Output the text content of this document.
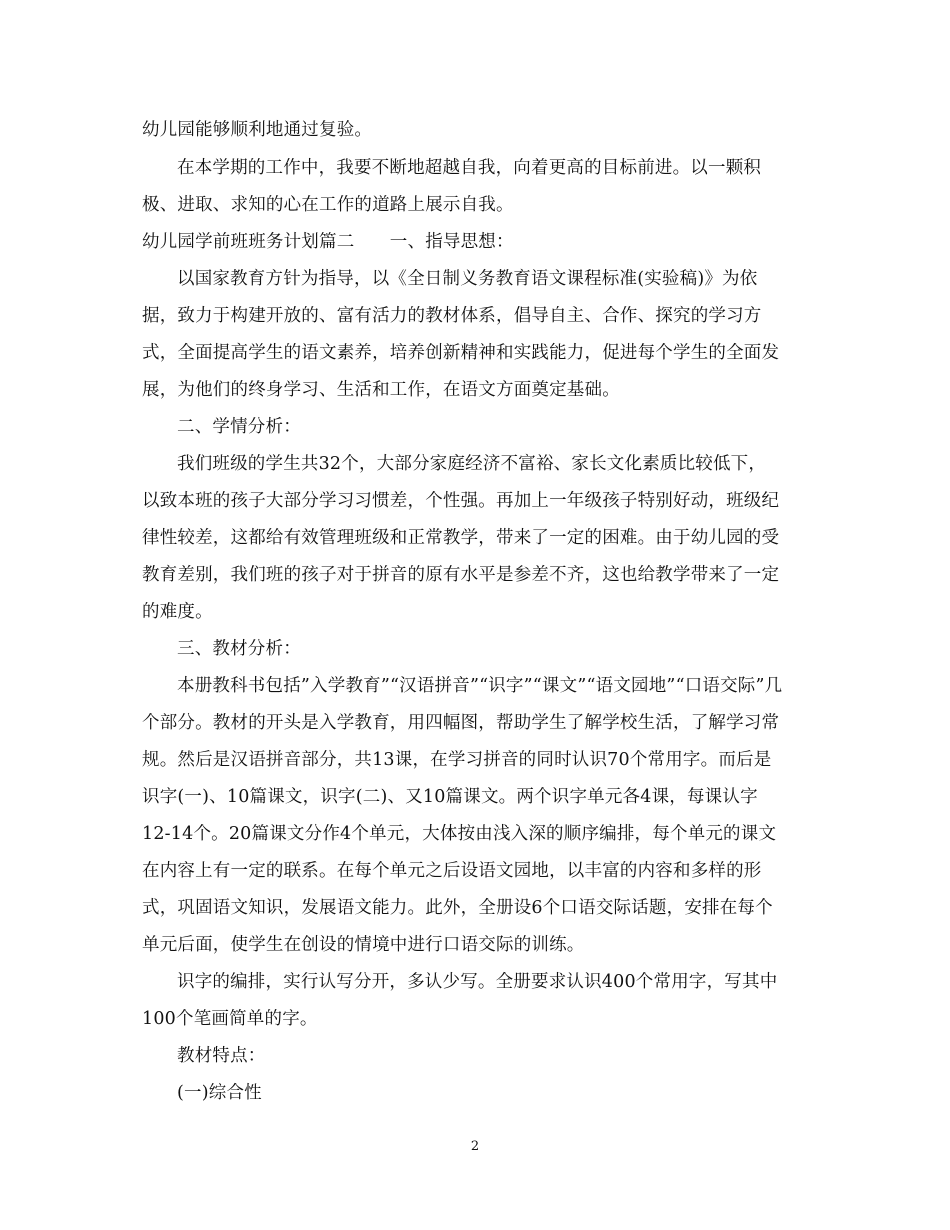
幼儿园能够顺利地通过复验。
在本学期的工作中，我要不断地超越自我，向着更高的目标前进。以一颗积
极、进取、求知的心在工作的道路上展示自我。
幼儿园学前班班务计划篇二　　一、指导思想：
以国家教育方针为指导，以《全日制义务教育语文课程标准(实验稿)》为依
据，致力于构建开放的、富有活力的教材体系，倡导自主、合作、探究的学习方
式，全面提高学生的语文素养，培养创新精神和实践能力，促进每个学生的全面发
展，为他们的终身学习、生活和工作，在语文方面奠定基础。
二、学情分析：
我们班级的学生共32个，大部分家庭经济不富裕、家长文化素质比较低下，
以致本班的孩子大部分学习习惯差，个性强。再加上一年级孩子特别好动，班级纪
律性较差，这都给有效管理班级和正常教学，带来了一定的困难。由于幼儿园的受
教育差别，我们班的孩子对于拼音的原有水平是参差不齐，这也给教学带来了一定
的难度。
三、教材分析：
本册教科书包括”入学教育”“汉语拼音”“识字”“课文”“语文园地”“口语交际”几
个部分。教材的开头是入学教育，用四幅图，帮助学生了解学校生活，了解学习常
规。然后是汉语拼音部分，共13课，在学习拼音的同时认识70个常用字。而后是
识字(一)、10篇课文，识字(二)、又10篇课文。两个识字单元各4课，每课认字
12-14个。20篇课文分作4个单元，大体按由浅入深的顺序编排，每个单元的课文
在内容上有一定的联系。在每个单元之后设语文园地，以丰富的内容和多样的形
式，巩固语文知识，发展语文能力。此外，全册设6个口语交际话题，安排在每个
单元后面，使学生在创设的情境中进行口语交际的训练。
识字的编排，实行认写分开，多认少写。全册要求认识400个常用字，写其中
100个笔画简单的字。
教材特点：
(一)综合性
2
